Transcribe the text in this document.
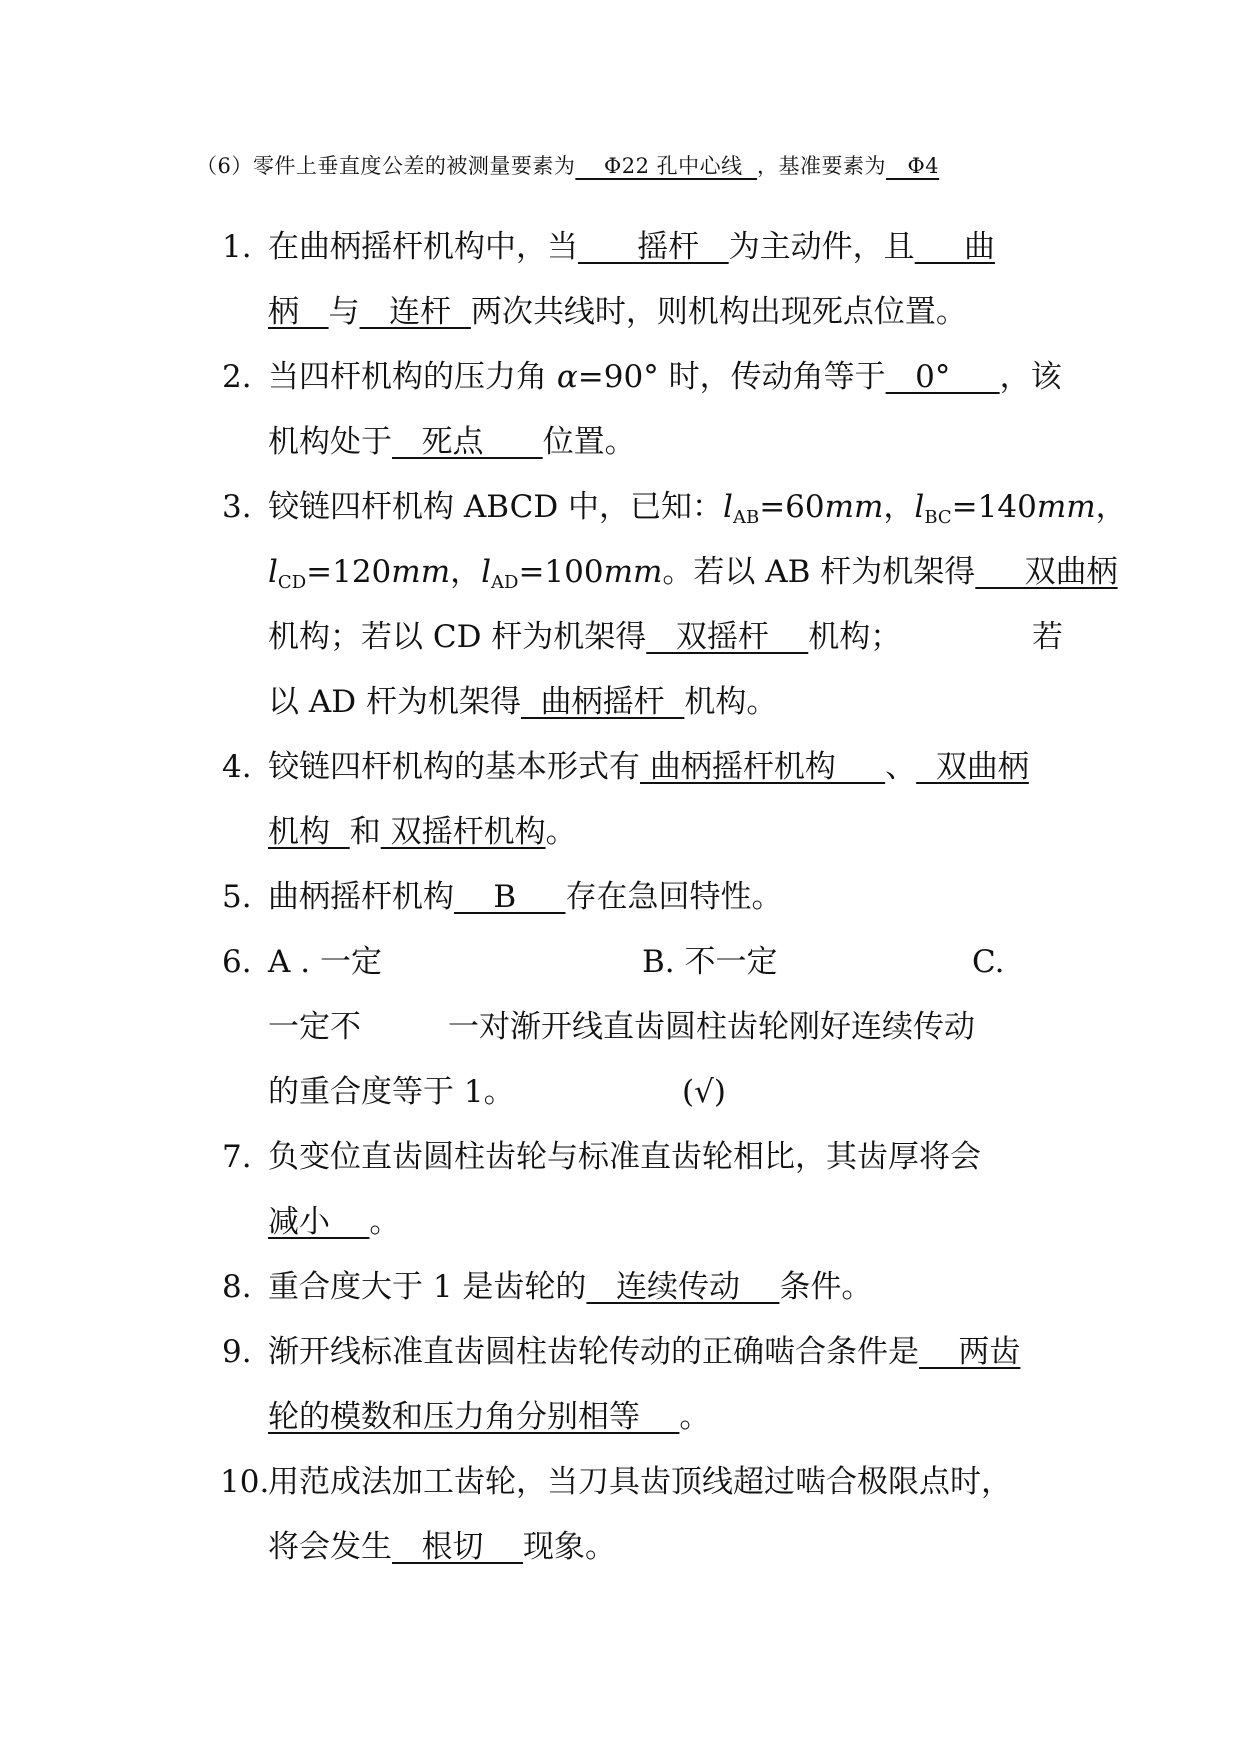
（6）零件上垂直度公差的被测量要素为    Φ22 孔中心线  ，基准要素为   Φ4
1. 在曲柄摇杆机构中，当      摇杆   为主动件，且     曲
柄   与   连杆  两次共线时，则机构出现死点位置。
2. 当四杆机构的压力角 α=90° 时，传动角等于   0°     ，该
机构处于   死点      位置。
3. 铰链四杆机构 ABCD 中，已知：$l_{AB}=60mm$，$l_{BC}=140mm$，
$l_{CD}=120mm$，$l_{AD}=100mm$。若以 AB 杆为机架得     双曲柄
机构；若以 CD 杆为机架得   双摇杆    机构；	若
以 AD 杆为机架得  曲柄摇杆  机构。
4. 铰链四杆机构的基本形式有 曲柄摇杆机构     、  双曲柄
机构  和 双摇杆机构。
5. 曲柄摇杆机构    B     存在急回特性。
6. A . 一定	B. 不一定	C.
一定不	一对渐开线直齿圆柱齿轮刚好连续传动
的重合度等于 1。	(√)
7. 负变位直齿圆柱齿轮与标准直齿轮相比，其齿厚将会
减小    。
8. 重合度大于 1 是齿轮的   连续传动    条件。
9. 渐开线标准直齿圆柱齿轮传动的正确啮合条件是    两齿
轮的模数和压力角分别相等    。
10.
用范成法加工齿轮，当刀具齿顶线超过啮合极限点时，
将会发生   根切    现象。
